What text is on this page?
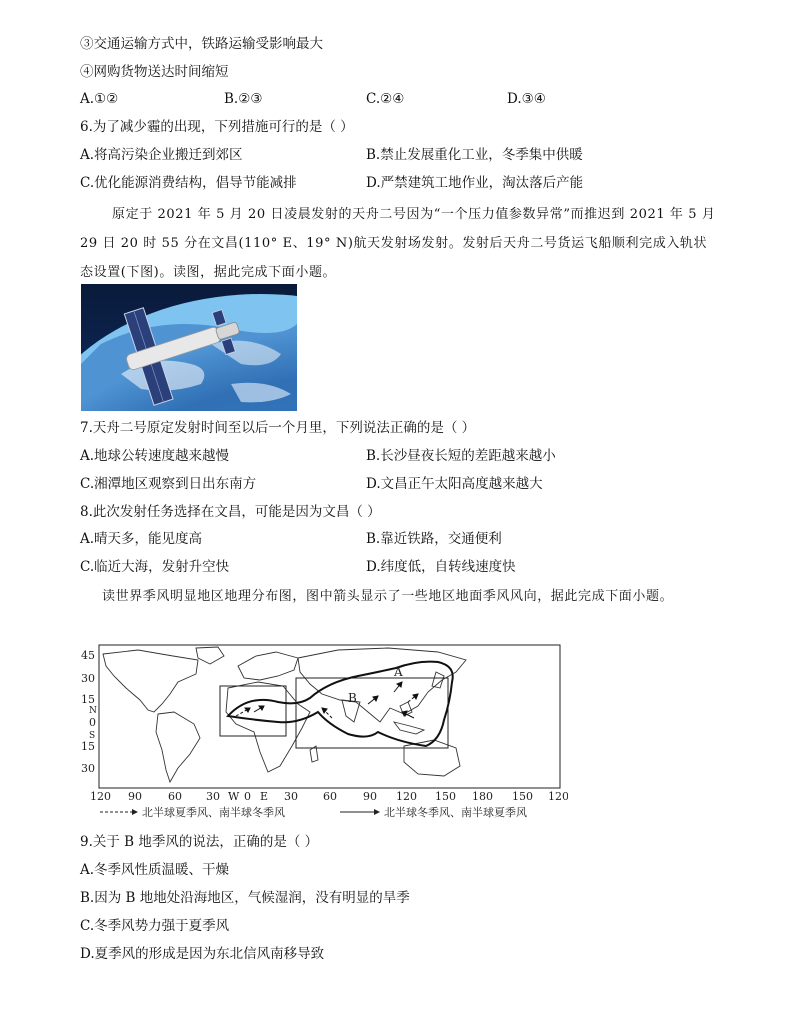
③交通运输方式中，铁路运输受影响最大
④网购货物送达时间缩短
A.①②	B.②③	C.②④	D.③④
6.为了减少霾的出现，下列措施可行的是（ ）
A.将高污染企业搬迁到郊区	B.禁止发展重化工业，冬季集中供暖
C.优化能源消费结构，倡导节能减排	D.严禁建筑工地作业，淘汰落后产能
原定于 2021 年 5 月 20 日凌晨发射的天舟二号因为“一个压力值参数异常”而推迟到 2021 年 5 月 29 日 20 时 55 分在文昌(110° E、19° N)航天发射场发射。发射后天舟二号货运飞船顺利完成入轨状态设置(下图)。读图，据此完成下面小题。
7.天舟二号原定发射时间至以后一个月里，下列说法正确的是（ ）
A.地球公转速度越来越慢	B.长沙昼夜长短的差距越来越小
C.湘潭地区观察到日出东南方	D.文昌正午太阳高度越来越大
8.此次发射任务选择在文昌，可能是因为文昌（ ）
A.晴天多，能见度高	B.靠近铁路，交通便利
C.临近大海，发射升空快	D.纬度低，自转线速度快
读世界季风明显地区地理分布图，图中箭头显示了一些地区地面季风风向，据此完成下面小题。
45
30
15
N
0
S
15
30
120 90 60 30 W 0 E 30 60 90 120 150 180 150 120
A
B
北半球夏季风、南半球冬季风	北半球冬季风、南半球夏季风
9.关于 B 地季风的说法，正确的是（ ）
A.冬季风性质温暖、干燥
B.因为 B 地地处沿海地区，气候湿润，没有明显的旱季
C.冬季风势力强于夏季风
D.夏季风的形成是因为东北信风南移导致
